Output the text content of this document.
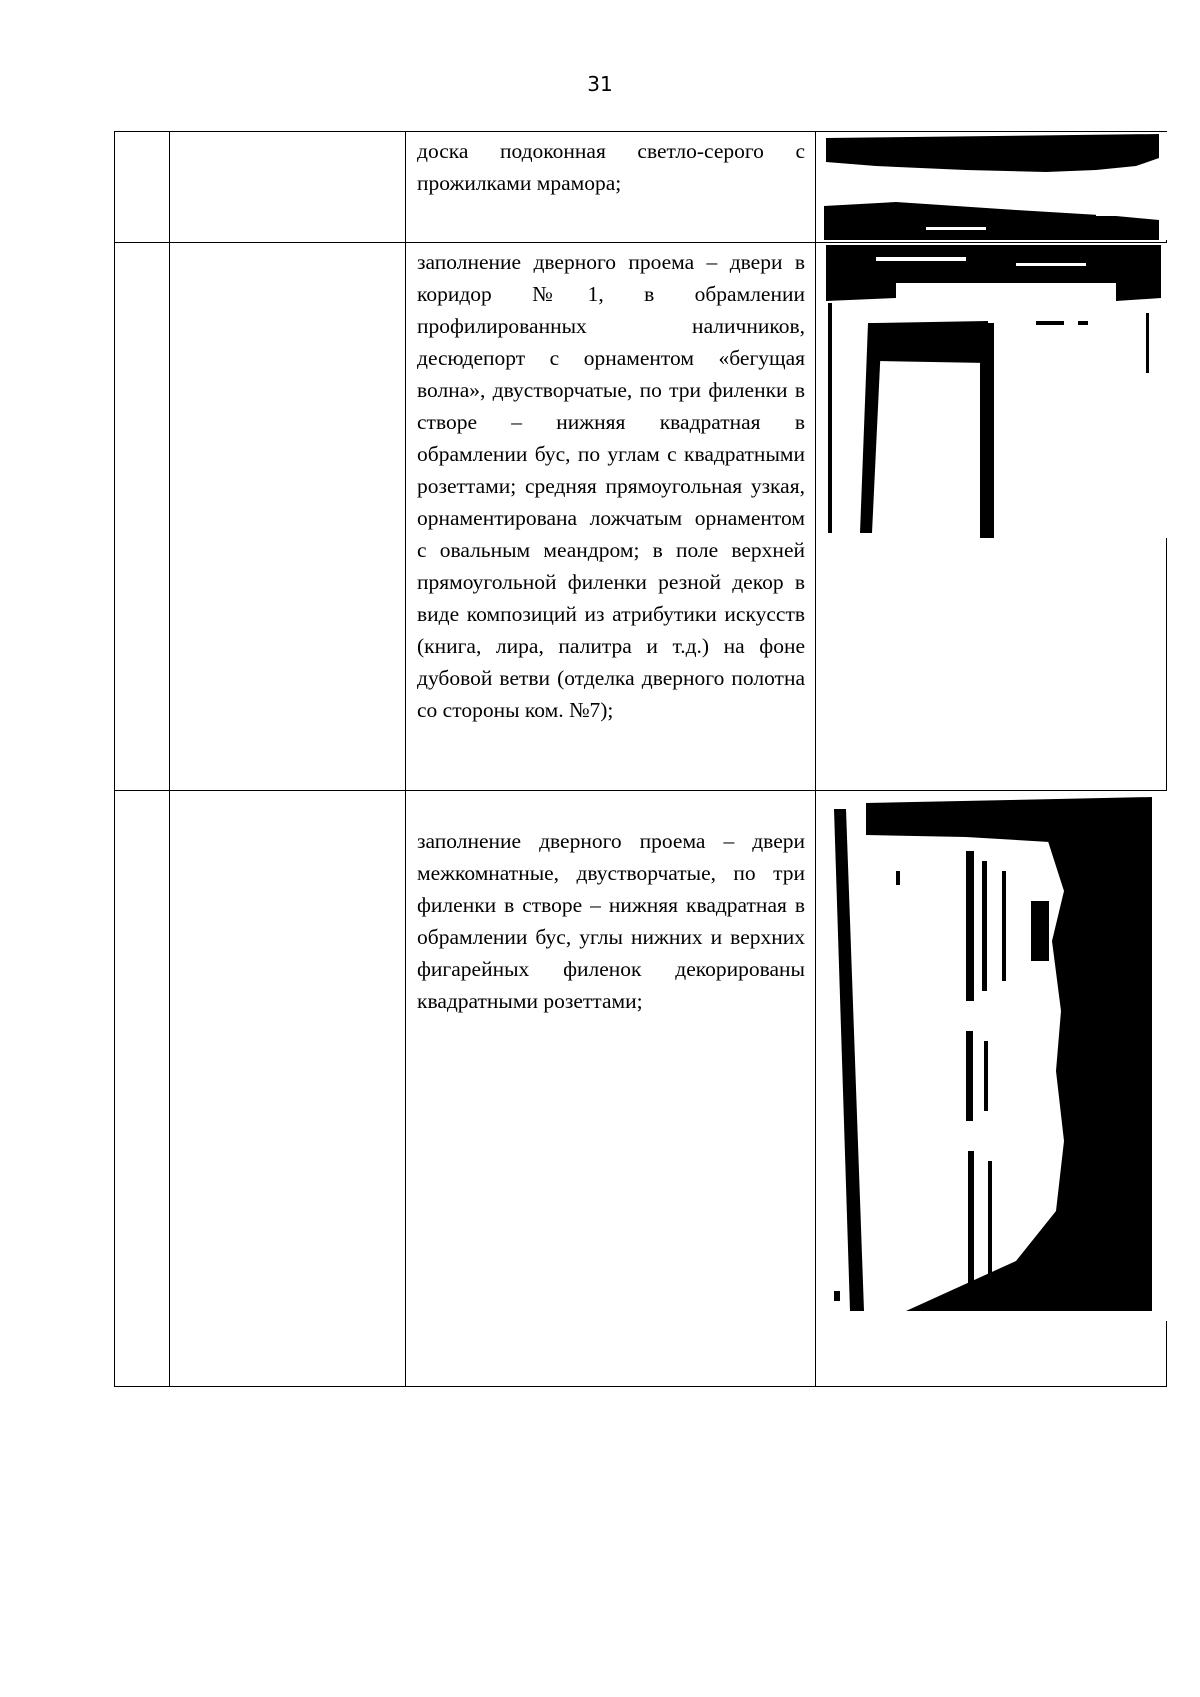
31

		доска подоконная светло-серого с прожилками мрамора;

		заполнение дверного проема – двери в коридор №1, в обрамлении профилированных наличников, десюдепорт с орнаментом «бегущая волна», двустворчатые, по три филенки в створе – нижняя квадратная в обрамлении бус, по углам с квадратными розеттами; средняя прямоугольная узкая, орнаментирована ложчатым орнаментом с овальным меандром; в поле верхней прямоугольной филенки резной декор в виде композиций из атрибутики искусств (книга, лира, палитра и т.д.) на фоне дубовой ветви (отделка дверного полотна со стороны ком. №7);

		заполнение дверного проема – двери межкомнатные, двустворчатые, по три филенки в створе – нижняя квадратная в обрамлении бус, углы нижних и верхних фигарейных филенок декорированы квадратными розеттами;
